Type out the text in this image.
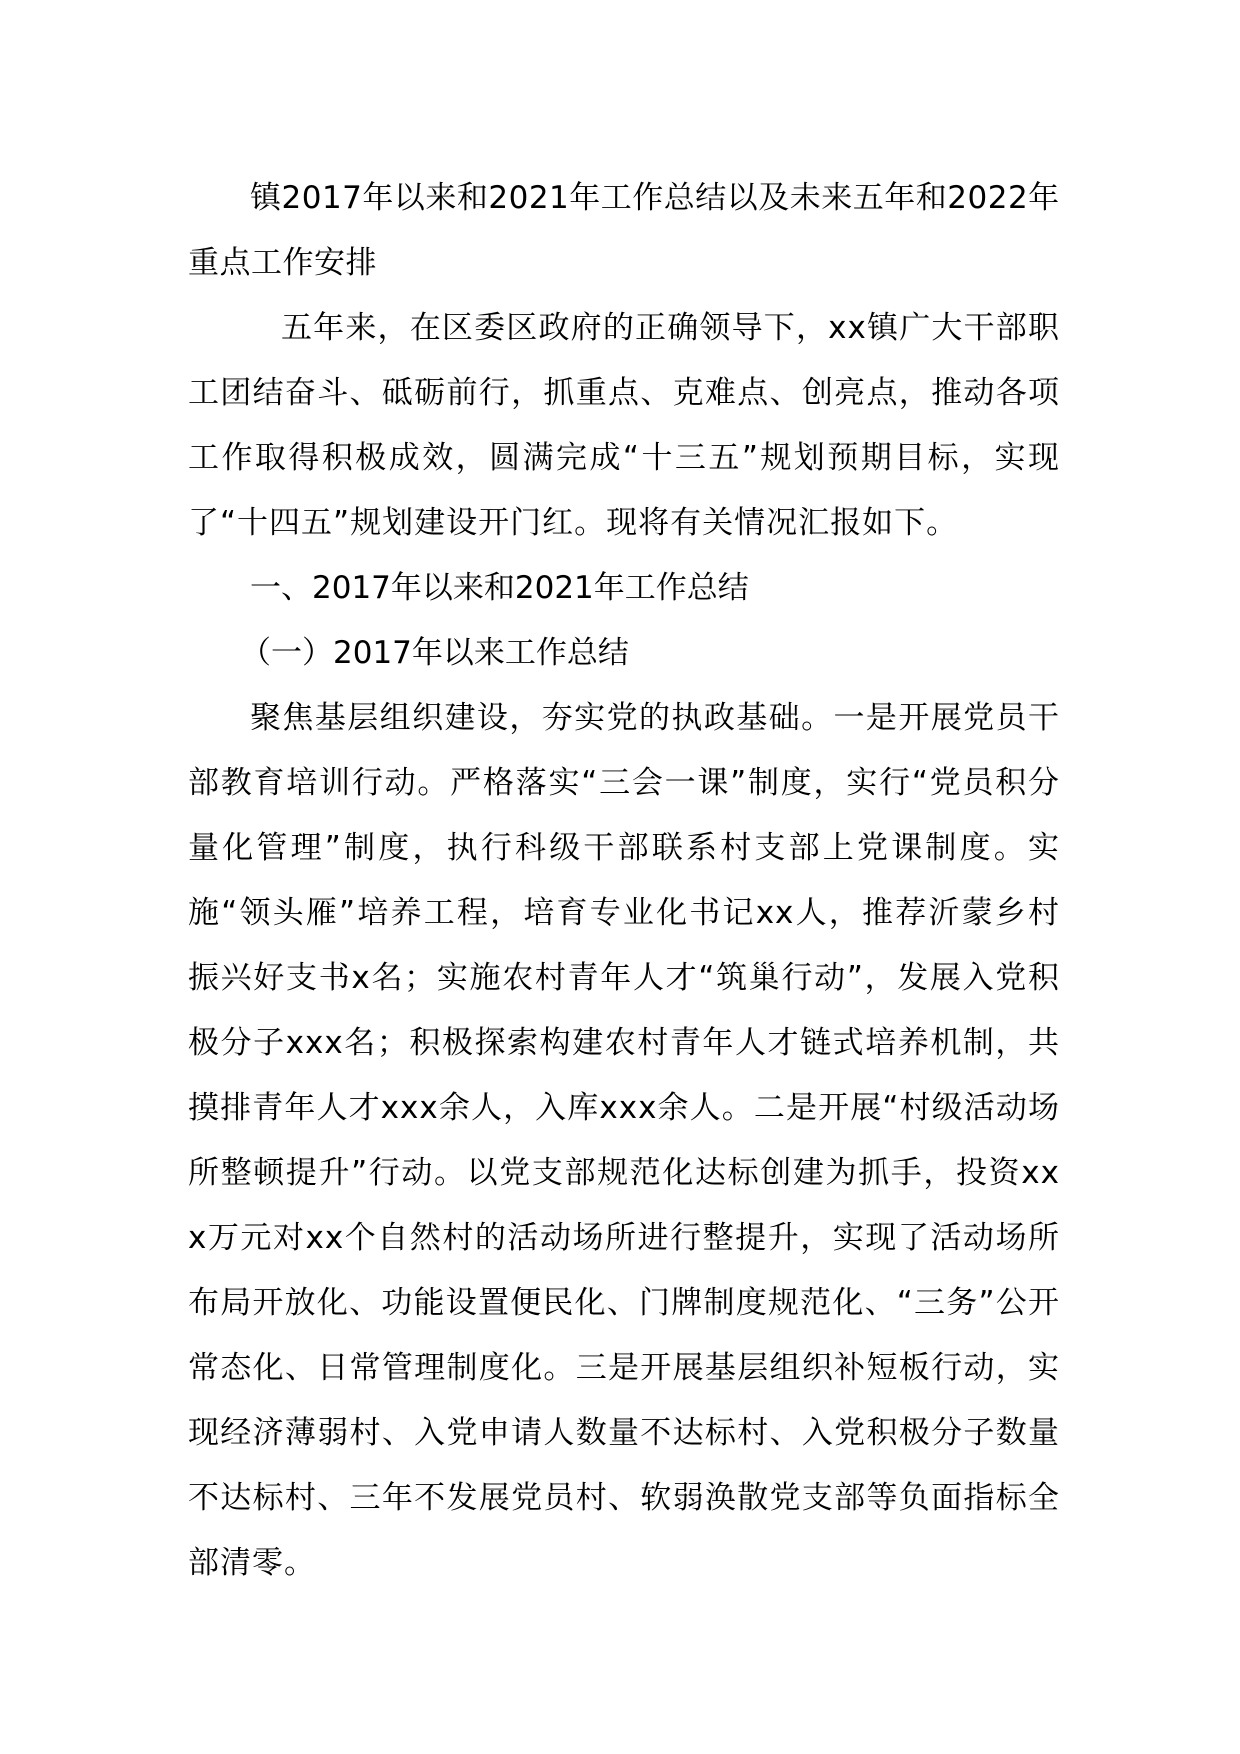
镇2017年以来和2021年工作总结以及未来五年和2022年重点工作安排

五年来，在区委区政府的正确领导下，xx镇广大干部职工团结奋斗、砥砺前行，抓重点、克难点、创亮点，推动各项工作取得积极成效，圆满完成“十三五”规划预期目标，实现了“十四五”规划建设开门红。现将有关情况汇报如下。

一、2017年以来和2021年工作总结

（一）2017年以来工作总结

聚焦基层组织建设，夯实党的执政基础。一是开展党员干部教育培训行动。严格落实“三会一课”制度，实行“党员积分量化管理”制度，执行科级干部联系村支部上党课制度。实施“领头雁”培养工程，培育专业化书记xx人，推荐沂蒙乡村振兴好支书x名；实施农村青年人才“筑巢行动”，发展入党积极分子xxx名；积极探索构建农村青年人才链式培养机制，共摸排青年人才xxx余人，入库xxx余人。二是开展“村级活动场所整顿提升”行动。以党支部规范化达标创建为抓手，投资xxx万元对xx个自然村的活动场所进行整提升，实现了活动场所布局开放化、功能设置便民化、门牌制度规范化、“三务”公开常态化、日常管理制度化。三是开展基层组织补短板行动，实现经济薄弱村、入党申请人数量不达标村、入党积极分子数量不达标村、三年不发展党员村、软弱涣散党支部等负面指标全部清零。
